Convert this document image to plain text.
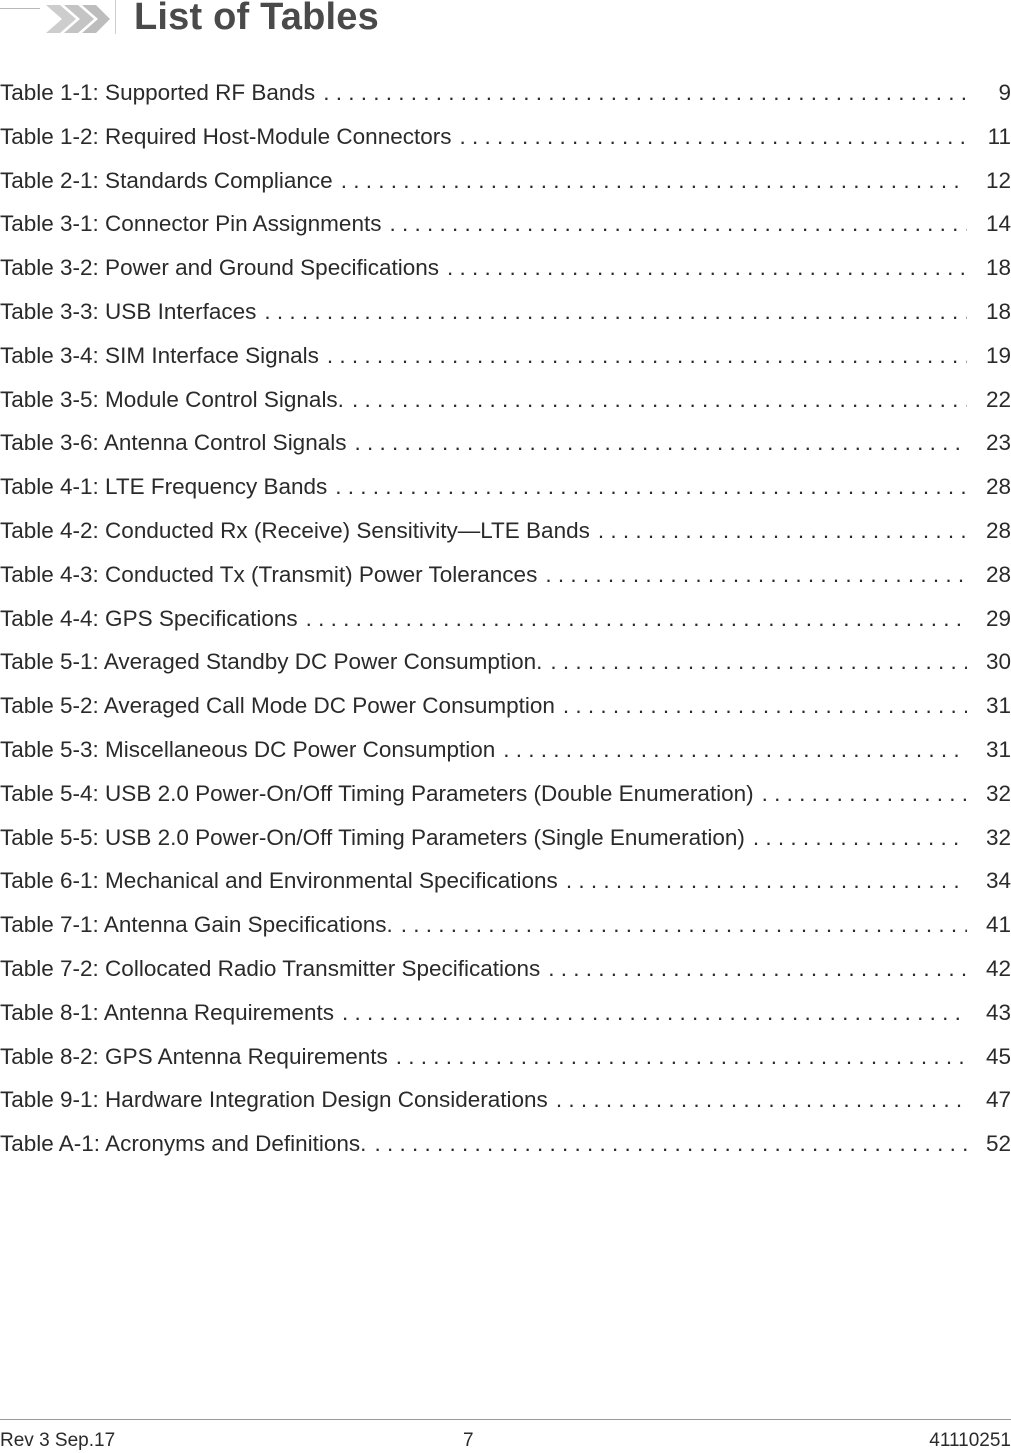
List of Tables
Table 1-1: Supported RF Bands . . .	9
Table 1-2: Required Host-Module Connectors . . .	11
Table 2-1: Standards Compliance . . .	12
Table 3-1: Connector Pin Assignments . . .	14
Table 3-2: Power and Ground Specifications . . .	18
Table 3-3: USB Interfaces . . .	18
Table 3-4: SIM Interface Signals . . .	19
Table 3-5: Module Control Signals. . . .	22
Table 3-6: Antenna Control Signals . . .	23
Table 4-1: LTE Frequency Bands . . .	28
Table 4-2: Conducted Rx (Receive) Sensitivity—LTE Bands . . .	28
Table 4-3: Conducted Tx (Transmit) Power Tolerances . . .	28
Table 4-4: GPS Specifications . . .	29
Table 5-1: Averaged Standby DC Power Consumption. . . .	30
Table 5-2: Averaged Call Mode DC Power Consumption . . .	31
Table 5-3: Miscellaneous DC Power Consumption . . .	31
Table 5-4: USB 2.0 Power-On/Off Timing Parameters (Double Enumeration) . . .	32
Table 5-5: USB 2.0 Power-On/Off Timing Parameters (Single Enumeration) . . .	32
Table 6-1: Mechanical and Environmental Specifications . . .	34
Table 7-1: Antenna Gain Specifications. . . .	41
Table 7-2: Collocated Radio Transmitter Specifications . . .	42
Table 8-1: Antenna Requirements . . .	43
Table 8-2: GPS Antenna Requirements . . .	45
Table 9-1: Hardware Integration Design Considerations . . .	47
Table A-1: Acronyms and Definitions. . . .	52
Rev 3 Sep.17	7	41110251
